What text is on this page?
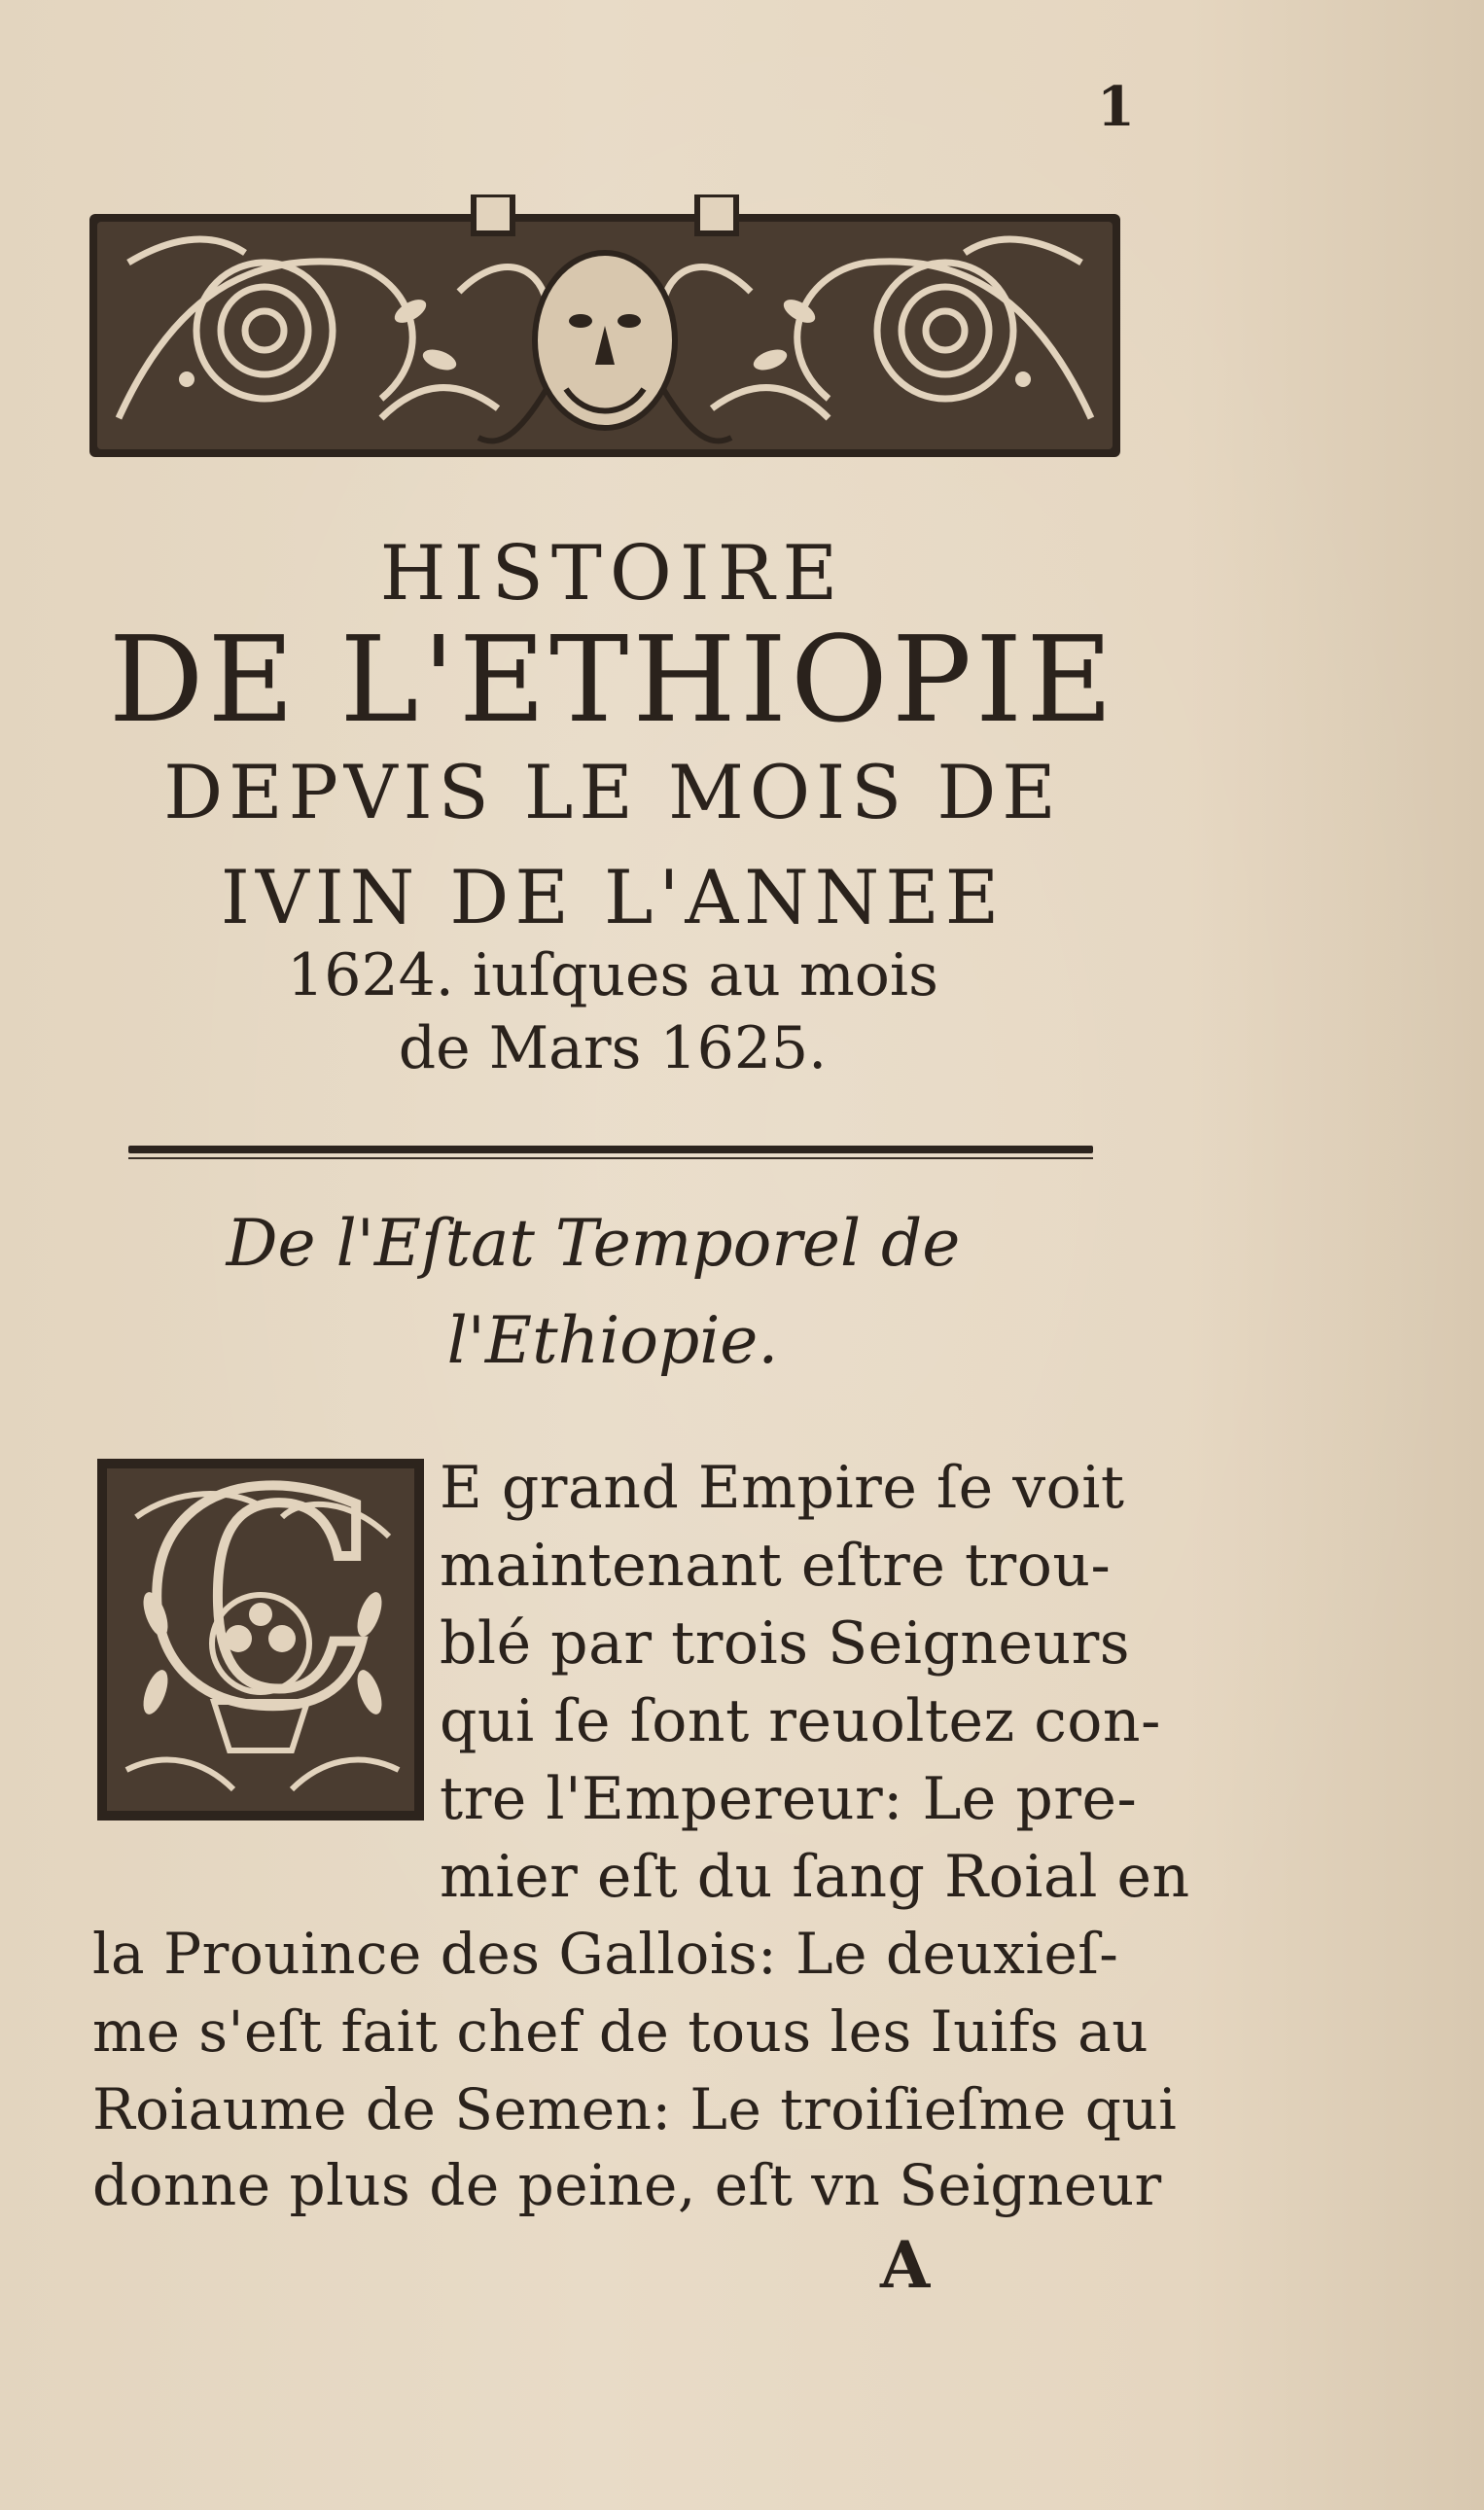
1
HISTOIRE
DE L'ETHIOPIE
DEPVIS LE MOIS DE
IVIN DE L'ANNEE
1624. iuſques au mois
de Mars 1625.
De l'Eſtat Temporel de
l'Ethiopie.
C E grand Empire ſe voit
maintenant eſtre trou-
blé par trois Seigneurs
qui ſe ſont reuoltez con-
tre l'Empereur: Le pre-
mier eſt du ſang Roial en
la Prouince des Gallois: Le deuxieſ-
me s'eſt fait chef de tous les Iuifs au
Roiaume de Semen: Le troiſieſme qui
donne plus de peine, eſt vn Seigneur
A
